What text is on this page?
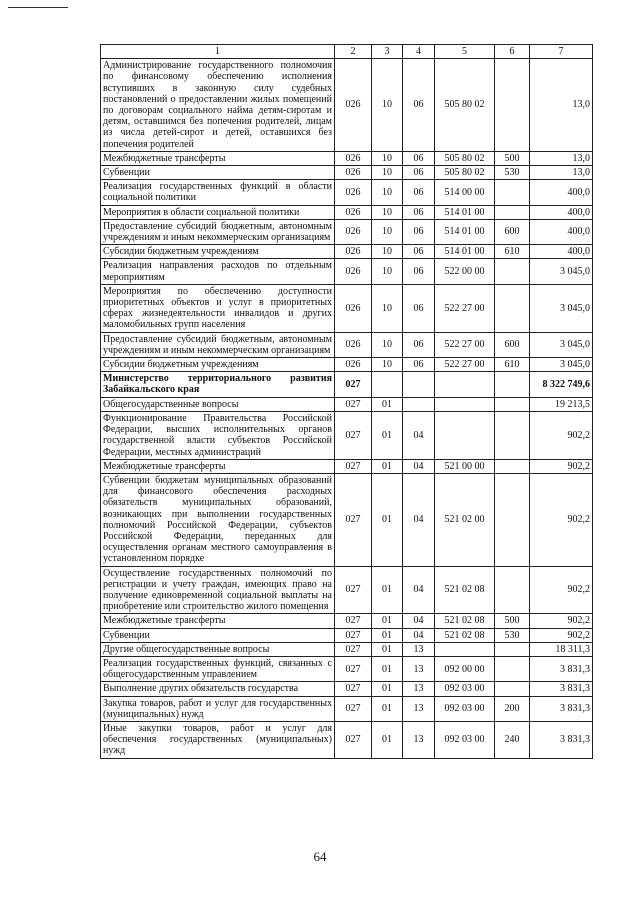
1	2	3	4	5	6	7
Администрирование государственного полномочия по финансовому обеспечению исполнения вступивших в законную силу судебных постановлений о предоставлении жилых помещений по договорам социального найма детям-сиротам и детям, оставшимся без попечения родителей, лицам из числа детей-сирот и детей, оставшихся без попечения родителей	026	10	06	505 80 02		13,0
Межбюджетные трансферты	026	10	06	505 80 02	500	13,0
Субвенции	026	10	06	505 80 02	530	13,0
Реализация государственных функций в области социальной политики	026	10	06	514 00 00		400,0
Мероприятия в области социальной политики	026	10	06	514 01 00		400,0
Предоставление субсидий бюджетным, автономным учреждениям и иным некоммерческим организациям	026	10	06	514 01 00	600	400,0
Субсидии бюджетным учреждениям	026	10	06	514 01 00	610	400,0
Реализация направления расходов по отдельным мероприятиям	026	10	06	522 00 00		3 045,0
Мероприятия по обеспечению доступности приоритетных объектов и услуг в приоритетных сферах жизнедеятельности инвалидов и других маломобильных групп населения	026	10	06	522 27 00		3 045,0
Предоставление субсидий бюджетным, автономным учреждениям и иным некоммерческим организациям	026	10	06	522 27 00	600	3 045,0
Субсидии бюджетным учреждениям	026	10	06	522 27 00	610	3 045,0
Министерство территориального развития Забайкальского края	027					8 322 749,6
Общегосударственные вопросы	027	01				19 213,5
Функционирование Правительства Российской Федерации, высших исполнительных органов государственной власти субъектов Российской Федерации, местных администраций	027	01	04			902,2
Межбюджетные трансферты	027	01	04	521 00 00		902,2
Субвенции бюджетам муниципальных образований для финансового обеспечения расходных обязательств муниципальных образований, возникающих при выполнении государственных полномочий Российской Федерации, субъектов Российской Федерации, переданных для осуществления органам местного самоуправления в установленном порядке	027	01	04	521 02 00		902,2
Осуществление государственных полномочий по регистрации и учету граждан, имеющих право на получение единовременной социальной выплаты на приобретение или строительство жилого помещения	027	01	04	521 02 08		902,2
Межбюджетные трансферты	027	01	04	521 02 08	500	902,2
Субвенции	027	01	04	521 02 08	530	902,2
Другие общегосударственные вопросы	027	01	13			18 311,3
Реализация государственных функций, связанных с общегосударственным управлением	027	01	13	092 00 00		3 831,3
Выполнение других обязательств государства	027	01	13	092 03 00		3 831,3
Закупка товаров, работ и услуг для государственных (муниципальных) нужд	027	01	13	092 03 00	200	3 831,3
Иные закупки товаров, работ и услуг для обеспечения государственных (муниципальных) нужд	027	01	13	092 03 00	240	3 831,3
64
